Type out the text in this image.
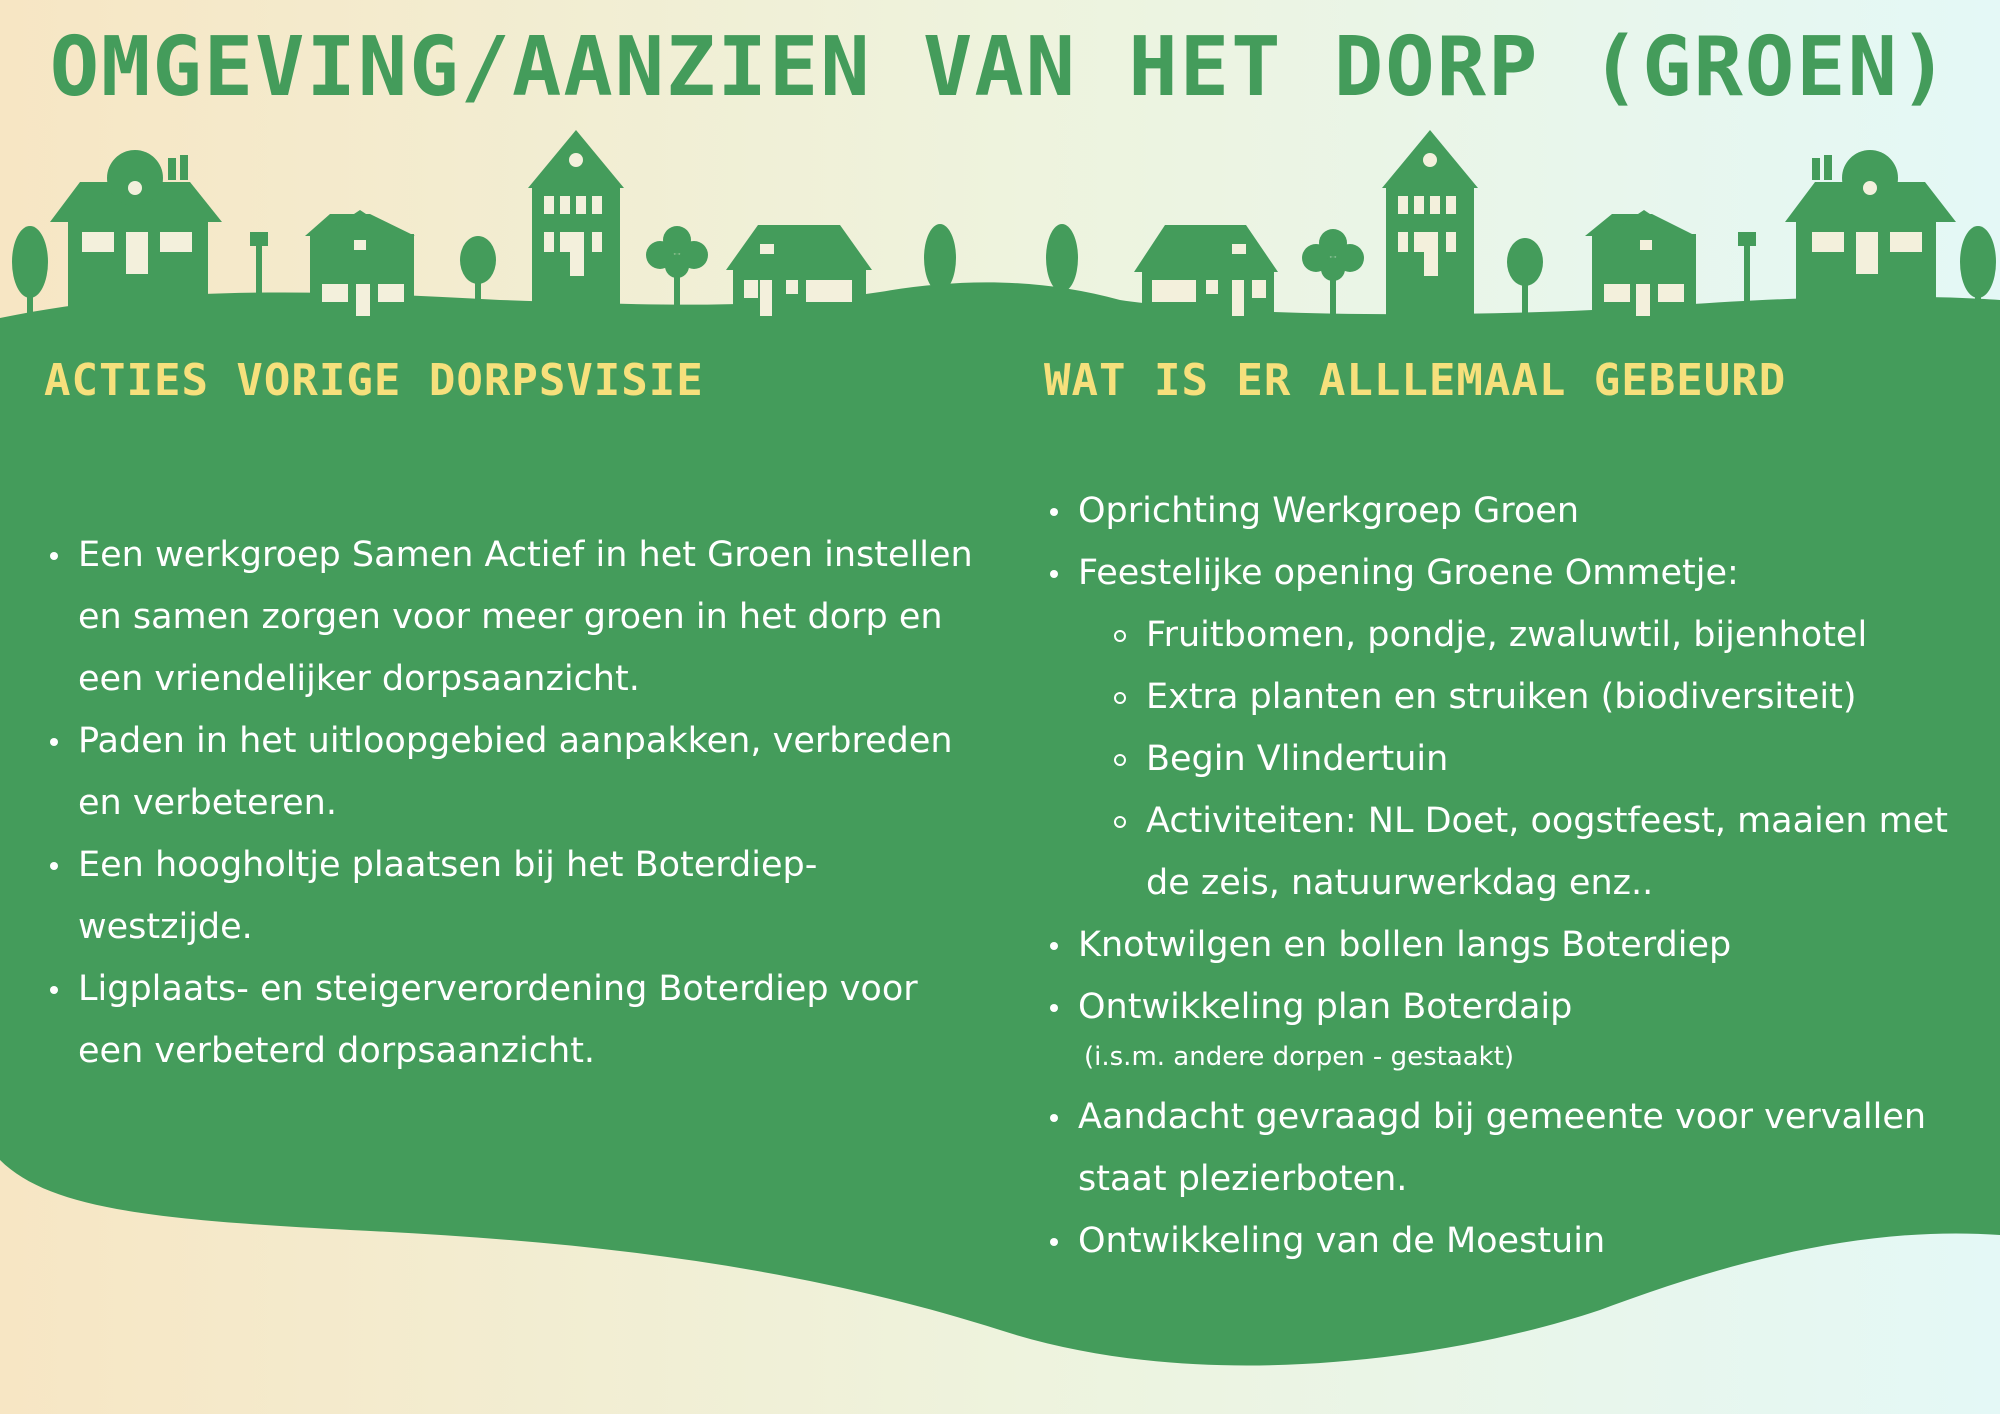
OMGEVING/AANZIEN VAN HET DORP (GROEN)
ACTIES VORIGE DORPSVISIE
Een werkgroep Samen Actief in het Groen instellen en samen zorgen voor meer groen in het dorp en een vriendelijker dorpsaanzicht.
Paden in het uitloopgebied aanpakken, verbreden en verbeteren.
Een hoogholtje plaatsen bij het Boterdiep-westzijde.
Ligplaats- en steigerverordening Boterdiep voor een verbeterd dorpsaanzicht.
WAT IS ER ALLLEMAAL GEBEURD
Oprichting Werkgroep Groen
Feestelijke opening Groene Ommetje:
Fruitbomen, pondje, zwaluwtil, bijenhotel
Extra planten en struiken (biodiversiteit)
Begin Vlindertuin
Activiteiten: NL Doet, oogstfeest, maaien met de zeis, natuurwerkdag enz..
Knotwilgen en bollen langs Boterdiep
Ontwikkeling plan Boterdaip
(i.s.m. andere dorpen - gestaakt)
Aandacht gevraagd bij gemeente voor vervallen staat plezierboten.
Ontwikkeling van de Moestuin
